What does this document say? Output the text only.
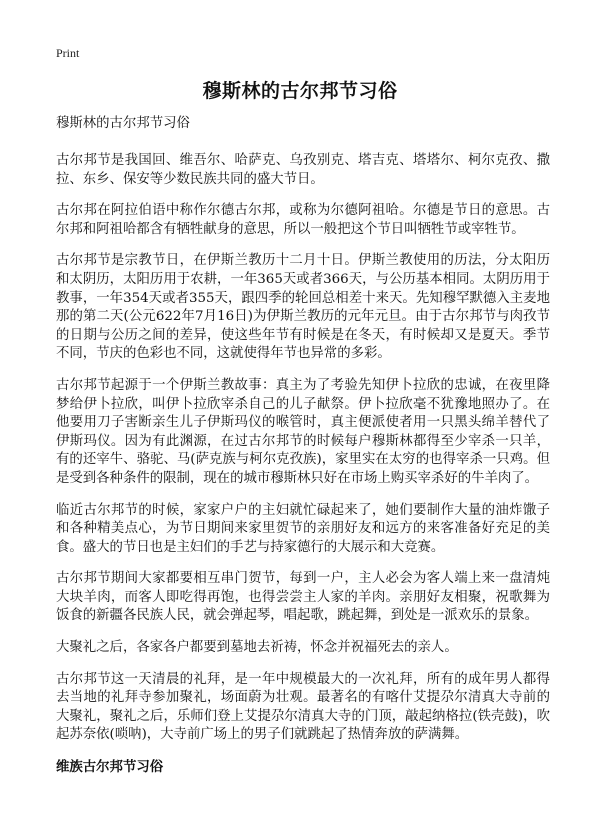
Print
穆斯林的古尔邦节习俗

穆斯林的古尔邦节习俗

古尔邦节是我国回、维吾尔、哈萨克、乌孜别克、塔吉克、塔塔尔、柯尔克孜、撒拉、东乡、保安等少数民族共同的盛大节日。

古尔邦在阿拉伯语中称作尔德古尔邦，或称为尔德阿祖哈。尔德是节日的意思。古尔邦和阿祖哈都含有牺牲献身的意思，所以一般把这个节日叫牺牲节或宰牲节。

古尔邦节是宗教节日，在伊斯兰教历十二月十日。伊斯兰教使用的历法，分太阳历和太阴历，太阳历用于农耕，一年365天或者366天，与公历基本相同。太阴历用于教事，一年354天或者355天，跟四季的轮回总相差十来天。先知穆罕默德入主麦地那的第二天(公元622年7月16日)为伊斯兰教历的元年元旦。由于古尔邦节与肉孜节的日期与公历之间的差异，使这些年节有时候是在冬天，有时候却又是夏天。季节不同，节庆的色彩也不同，这就使得年节也异常的多彩。

古尔邦节起源于一个伊斯兰教故事：真主为了考验先知伊卜拉欣的忠诚，在夜里降梦给伊卜拉欣，叫伊卜拉欣宰杀自己的儿子献祭。伊卜拉欣毫不犹豫地照办了。在他要用刀子害断亲生儿子伊斯玛仪的喉管时，真主便派使者用一只黑头绵羊替代了伊斯玛仪。因为有此渊源，在过古尔邦节的时候每户穆斯林都得至少宰杀一只羊，有的还宰牛、骆驼、马(萨克族与柯尔克孜族)，家里实在太穷的也得宰杀一只鸡。但是受到各种条件的限制，现在的城市穆斯林只好在市场上购买宰杀好的牛羊肉了。

临近古尔邦节的时候，家家户户的主妇就忙碌起来了，她们要制作大量的油炸馓子和各种精美点心，为节日期间来家里贺节的亲朋好友和远方的来客准备好充足的美食。盛大的节日也是主妇们的手艺与持家德行的大展示和大竞赛。

古尔邦节期间大家都要相互串门贺节，每到一户，主人必会为客人端上来一盘清炖大块羊肉，而客人即吃得再饱，也得尝尝主人家的羊肉。亲朋好友相聚，祝歌舞为饭食的新疆各民族人民，就会弹起琴，唱起歌，跳起舞，到处是一派欢乐的景象。

大聚礼之后，各家各户都要到墓地去祈祷，怀念并祝福死去的亲人。

古尔邦节这一天清晨的礼拜，是一年中规模最大的一次礼拜，所有的成年男人都得去当地的礼拜寺参加聚礼，场面蔚为壮观。最著名的有喀什艾提尕尔清真大寺前的大聚礼，聚礼之后，乐师们登上艾提尕尔清真大寺的门顶，敲起纳格拉(铁壳鼓)，吹起苏奈依(唢呐)，大寺前广场上的男子们就跳起了热情奔放的萨满舞。

维族古尔邦节习俗
